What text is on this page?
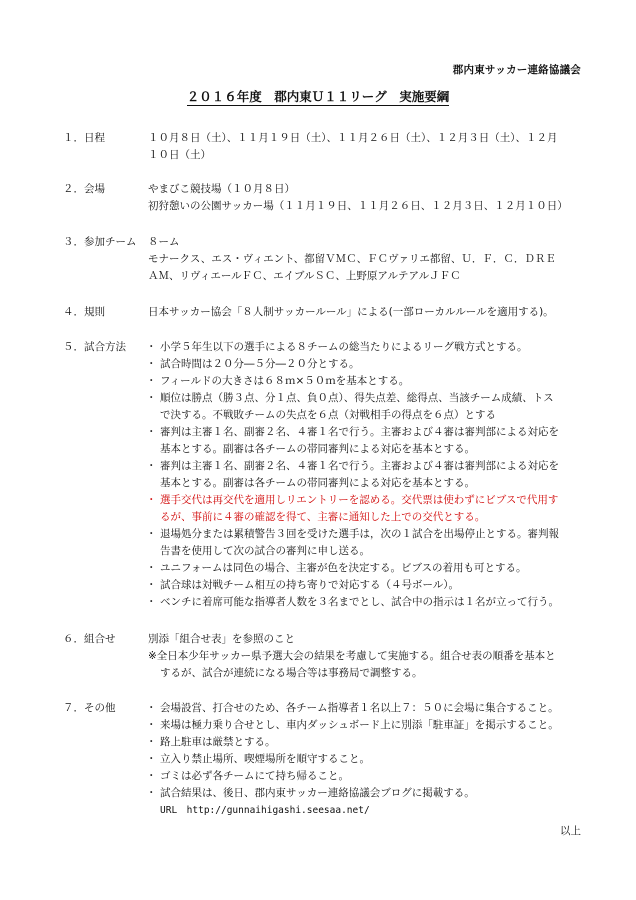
郡内東サッカー連絡協議会
２０１６年度　郡内東Ｕ１１リーグ　実施要綱
１．日程	１０月８日（土）、１１月１９日（土）、１１月２６日（土）、１２月３日（土）、１２月

１０日（土）

２．会場	やまびこ競技場（１０月８日）

初狩憩いの公園サッカー場（１１月１９日、１１月２６日、１２月３日、１２月１０日）

３．参加チーム ８ーム

モナークス、エス・ヴィエント、都留ＶＭＣ、ＦＣヴァリエ都留、Ｕ．Ｆ．Ｃ．ＤＲＥ

ＡＭ、リヴィエールＦＣ、エイブルＳＣ、上野原アルテアルＪＦＣ

４．規則	日本サッカー協会「８人制サッカールール」による(一部ローカルルールを適用する)。

５．試合方法	・ 小学５年生以下の選手による８チームの総当たりによるリーグ戦方式とする。
・ 試合時間は２０分―５分―２０分とする。
・ フィールドの大きさは６８ｍ×５０ｍを基本とする。
・ 順位は勝点（勝３点、分１点、負０点）、得失点差、総得点、当該チーム成績、トス
で決する。不戦敗チームの失点を６点（対戦相手の得点を６点）とする
・ 審判は主審１名、副審２名、４審１名で行う。主審および４審は審判部による対応を
基本とする。副審は各チームの帯同審判による対応を基本とする。
・ 審判は主審１名、副審２名、４審１名で行う。主審および４審は審判部による対応を
基本とする。副審は各チームの帯同審判による対応を基本とする。
・ 選手交代は再交代を適用しリエントリーを認める。交代票は使わずにビブスで代用す
るが、事前に４審の確認を得て、主審に通知した上での交代とする。
・ 退場処分または累積警告３回を受けた選手は，次の１試合を出場停止とする。審判報
告書を使用して次の試合の審判に申し送る。
・ ユニフォームは同色の場合、主審が色を決定する。ビブスの着用も可とする。
・ 試合球は対戦チーム相互の持ち寄りで対応する（４号ボール）。
・ ベンチに着席可能な指導者人数を３名までとし、試合中の指示は１名が立って行う。
６．組合せ	別添「組合せ表」を参照のこと

※全日本少年サッカー県予選大会の結果を考慮して実施する。組合せ表の順番を基本と

するが、試合が連続になる場合等は事務局で調整する。

７．その他	・ 会場設営、打合せのため、各チーム指導者１名以上７：５０に会場に集合すること。
・ 来場は極力乗り合せとし、車内ダッシュボード上に別添「駐車証」を掲示すること。
・ 路上駐車は厳禁とする。
・ 立入り禁止場所、喫煙場所を順守すること。
・ ゴミは必ず各チームにて持ち帰ること。
・ 試合結果は、後日、郡内東サッカー連絡協議会ブログに掲載する。
URL　http://gunnaihigashi.seesaa.net/
以上
